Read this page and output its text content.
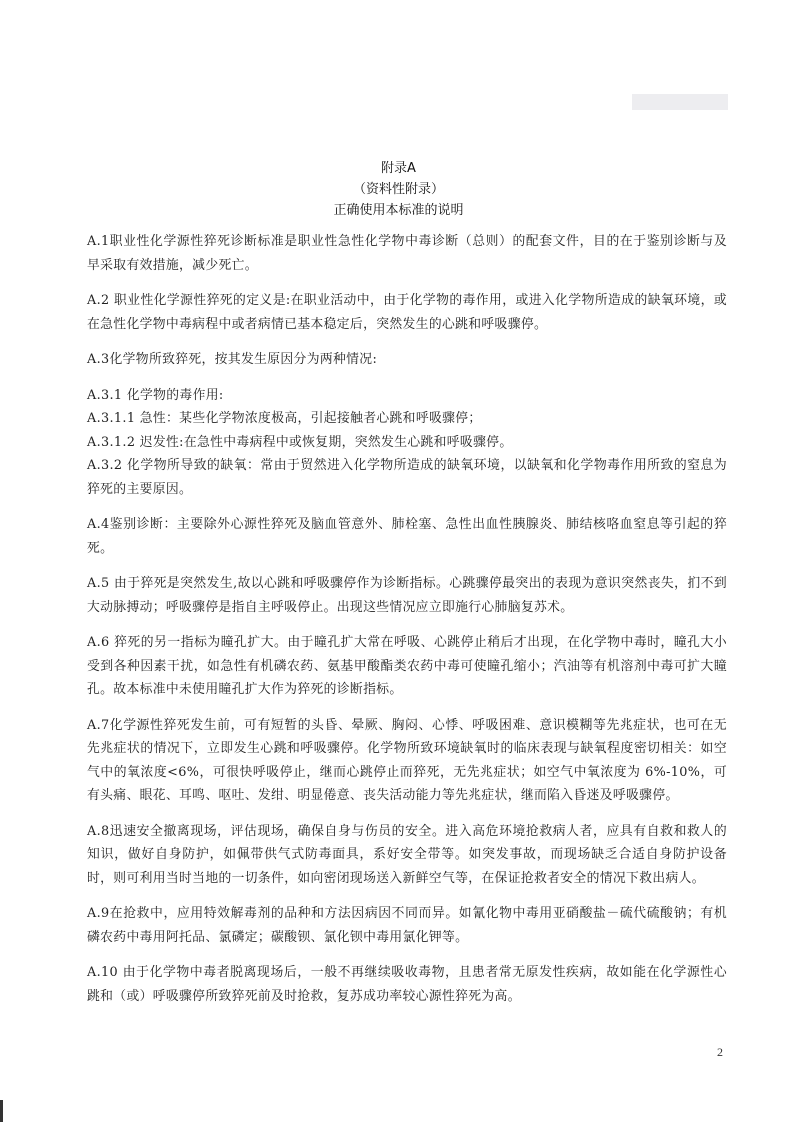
附录A
（资料性附录）
正确使用本标准的说明

A.1职业性化学源性猝死诊断标准是职业性急性化学物中毒诊断（总则）的配套文件，目的在于鉴别诊断与及早采取有效措施，减少死亡。

A.2 职业性化学源性猝死的定义是:在职业活动中，由于化学物的毒作用，或进入化学物所造成的缺氧环境，或在急性化学物中毒病程中或者病情已基本稳定后，突然发生的心跳和呼吸骤停。

A.3化学物所致猝死，按其发生原因分为两种情况:

A.3.1 化学物的毒作用:

A.3.1.1 急性：某些化学物浓度极高，引起接触者心跳和呼吸骤停；

A.3.1.2 迟发性:在急性中毒病程中或恢复期，突然发生心跳和呼吸骤停。

A.3.2 化学物所导致的缺氧：常由于贸然进入化学物所造成的缺氧环境，以缺氧和化学物毒作用所致的窒息为猝死的主要原因。

A.4鉴别诊断：主要除外心源性猝死及脑血管意外、肺栓塞、急性出血性胰腺炎、肺结核咯血窒息等引起的猝死。

A.5 由于猝死是突然发生,故以心跳和呼吸骤停作为诊断指标。心跳骤停最突出的表现为意识突然丧失，扪不到大动脉搏动；呼吸骤停是指自主呼吸停止。出现这些情况应立即施行心肺脑复苏术。

A.6 猝死的另一指标为瞳孔扩大。由于瞳孔扩大常在呼吸、心跳停止稍后才出现，在化学物中毒时，瞳孔大小受到各种因素干扰，如急性有机磷农药、氨基甲酸酯类农药中毒可使瞳孔缩小；汽油等有机溶剂中毒可扩大瞳孔。故本标准中未使用瞳孔扩大作为猝死的诊断指标。

A.7化学源性猝死发生前，可有短暂的头昏、晕厥、胸闷、心悸、呼吸困难、意识模糊等先兆症状，也可在无先兆症状的情况下，立即发生心跳和呼吸骤停。化学物所致环境缺氧时的临床表现与缺氧程度密切相关：如空气中的氧浓度<6%，可很快呼吸停止，继而心跳停止而猝死，无先兆症状；如空气中氧浓度为 6%-10%，可有头痛、眼花、耳鸣、呕吐、发绀、明显倦意、丧失活动能力等先兆症状，继而陷入昏迷及呼吸骤停。

A.8迅速安全撤离现场，评估现场，确保自身与伤员的安全。进入高危环境抢救病人者，应具有自救和救人的知识，做好自身防护，如佩带供气式防毒面具，系好安全带等。如突发事故，而现场缺乏合适自身防护设备时，则可利用当时当地的一切条件，如向密闭现场送入新鲜空气等，在保证抢救者安全的情况下救出病人。

A.9在抢救中，应用特效解毒剂的品种和方法因病因不同而异。如氰化物中毒用亚硝酸盐－硫代硫酸钠；有机磷农药中毒用阿托品、氯磷定；碳酸钡、氯化钡中毒用氯化钾等。

A.10 由于化学物中毒者脱离现场后，一般不再继续吸收毒物，且患者常无原发性疾病，故如能在化学源性心跳和（或）呼吸骤停所致猝死前及时抢救，复苏成功率较心源性猝死为高。

2
